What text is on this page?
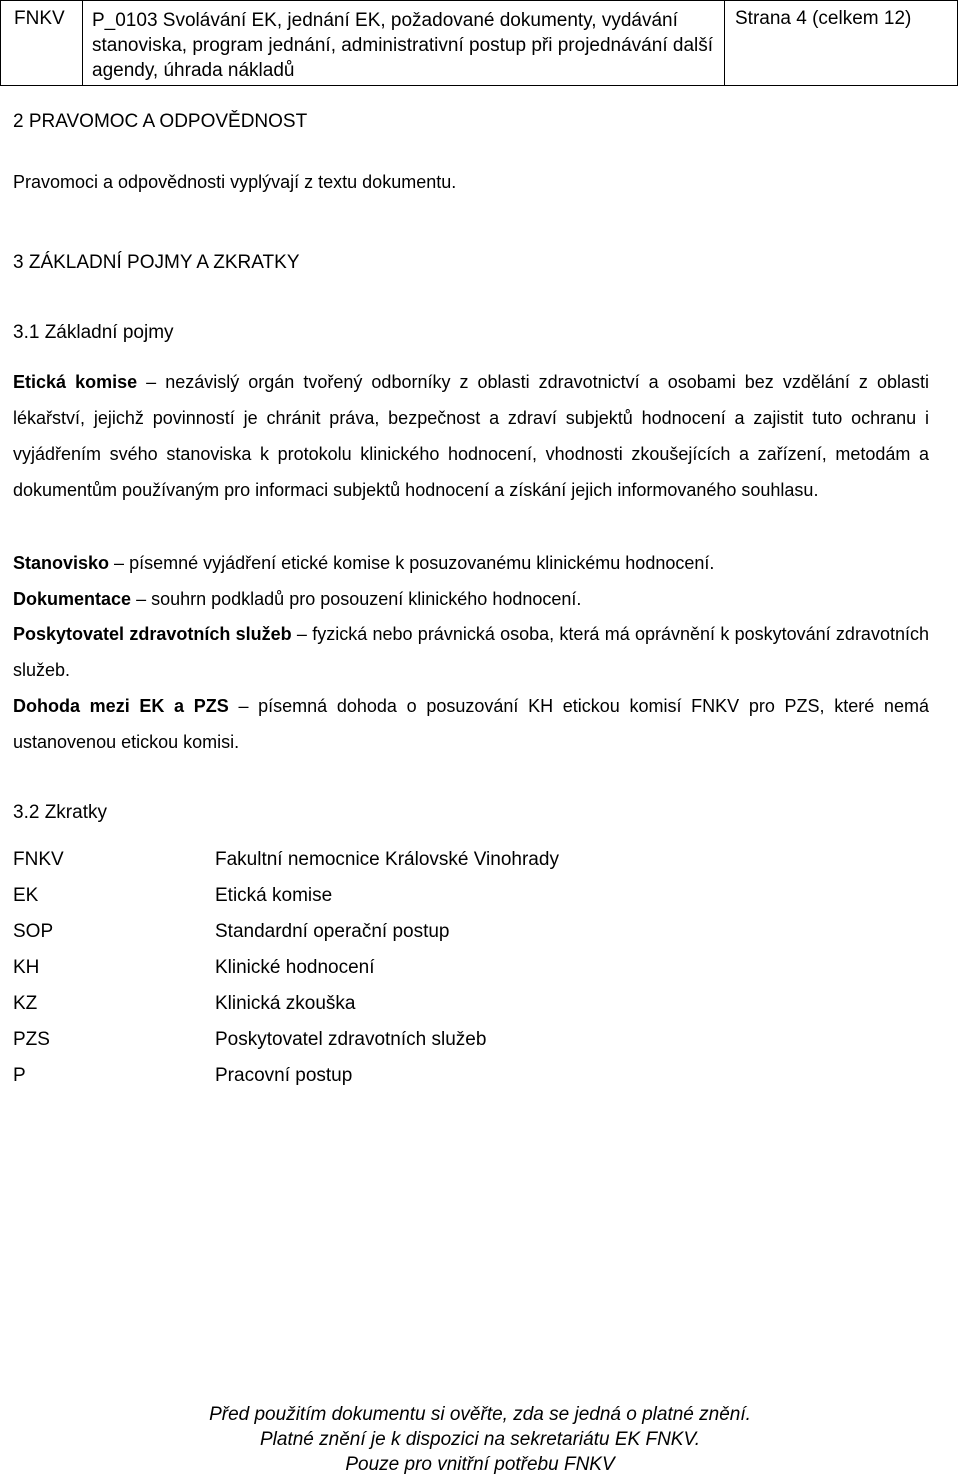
FNKV	P_0103 Svolávání EK, jednání EK, požadované dokumenty, vydávání stanoviska, program jednání, administrativní postup při projednávání další agendy, úhrada nákladů
Strana 4 (celkem 12)
2 PRAVOMOC A ODPOVĚDNOST
Pravomoci a odpovědnosti vyplývají z textu dokumentu.
3 ZÁKLADNÍ POJMY A ZKRATKY
3.1 Základní pojmy
Etická komise – nezávislý orgán tvořený odborníky z oblasti zdravotnictví a osobami bez vzdělání z oblasti lékařství, jejichž povinností je chránit práva, bezpečnost a zdraví subjektů hodnocení a zajistit tuto ochranu i vyjádřením svého stanoviska k protokolu klinického hodnocení, vhodnosti zkoušejících a zařízení, metodám a dokumentům používaným pro informaci subjektů hodnocení a získání jejich informovaného souhlasu.
Stanovisko – písemné vyjádření etické komise k posuzovanému klinickému hodnocení.
Dokumentace – souhrn podkladů pro posouzení klinického hodnocení.
Poskytovatel zdravotních služeb – fyzická nebo právnická osoba, která má oprávnění k poskytování zdravotních služeb.
Dohoda mezi EK a PZS – písemná dohoda o posuzování KH etickou komisí FNKV pro PZS, které nemá ustanovenou etickou komisi.
3.2 Zkratky
FNKV	Fakultní nemocnice Královské Vinohrady
EK	Etická komise
SOP	Standardní operační postup
KH	Klinické hodnocení
KZ	Klinická zkouška
PZS	Poskytovatel zdravotních služeb
P	Pracovní postup
Před použitím dokumentu si ověřte, zda se jedná o platné znění.
Platné znění je k dispozici na sekretariátu EK FNKV.
Pouze pro vnitřní potřebu FNKV
